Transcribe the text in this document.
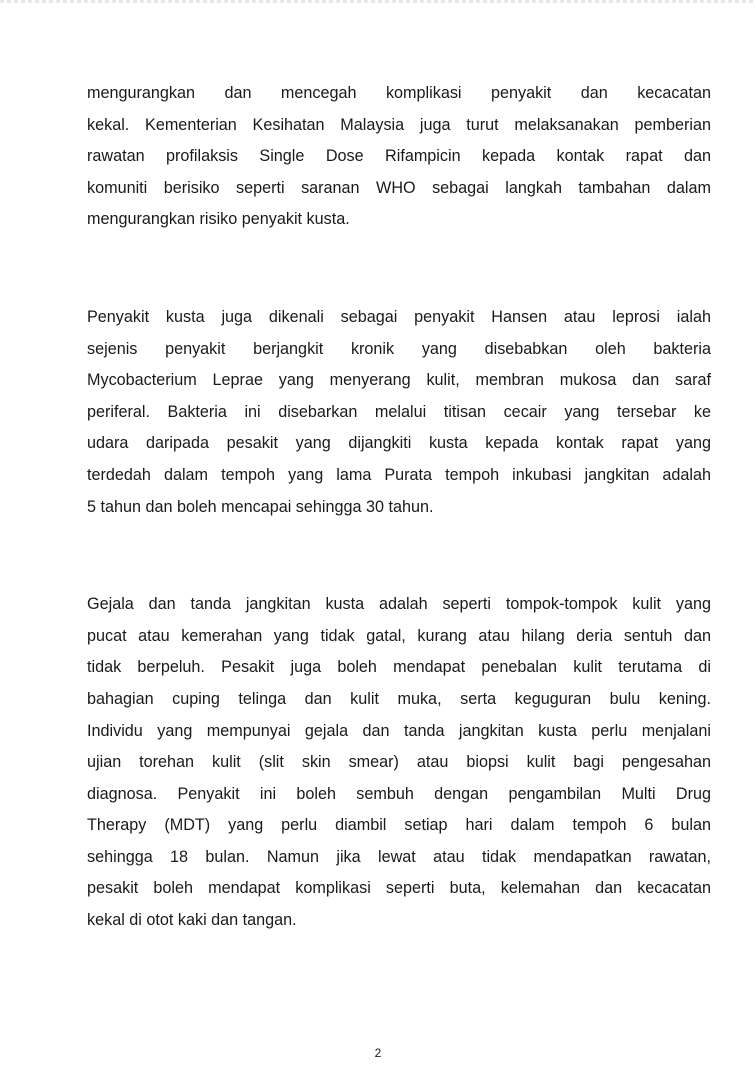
mengurangkan dan mencegah komplikasi penyakit dan kecacatan
kekal. Kementerian Kesihatan Malaysia juga turut melaksanakan pemberian
rawatan profilaksis Single Dose Rifampicin kepada kontak rapat dan
komuniti berisiko seperti saranan WHO sebagai langkah tambahan dalam
mengurangkan risiko penyakit kusta.
Penyakit kusta juga dikenali sebagai penyakit Hansen atau leprosi ialah
sejenis penyakit berjangkit kronik yang disebabkan oleh bakteria
Mycobacterium Leprae yang menyerang kulit, membran mukosa dan saraf
periferal. Bakteria ini disebarkan melalui titisan cecair yang tersebar ke
udara daripada pesakit yang dijangkiti kusta kepada kontak rapat yang
terdedah dalam tempoh yang lama Purata tempoh inkubasi jangkitan adalah
5 tahun dan boleh mencapai sehingga 30 tahun.
Gejala dan tanda jangkitan kusta adalah seperti tompok-tompok kulit yang
pucat atau kemerahan yang tidak gatal, kurang atau hilang deria sentuh dan
tidak berpeluh. Pesakit juga boleh mendapat penebalan kulit terutama di
bahagian cuping telinga dan kulit muka, serta keguguran bulu kening.
Individu yang mempunyai gejala dan tanda jangkitan kusta perlu menjalani
ujian torehan kulit (slit skin smear) atau biopsi kulit bagi pengesahan
diagnosa. Penyakit ini boleh sembuh dengan pengambilan Multi Drug
Therapy (MDT) yang perlu diambil setiap hari dalam tempoh 6 bulan
sehingga 18 bulan. Namun jika lewat atau tidak mendapatkan rawatan,
pesakit boleh mendapat komplikasi seperti buta, kelemahan dan kecacatan
kekal di otot kaki dan tangan.
2
